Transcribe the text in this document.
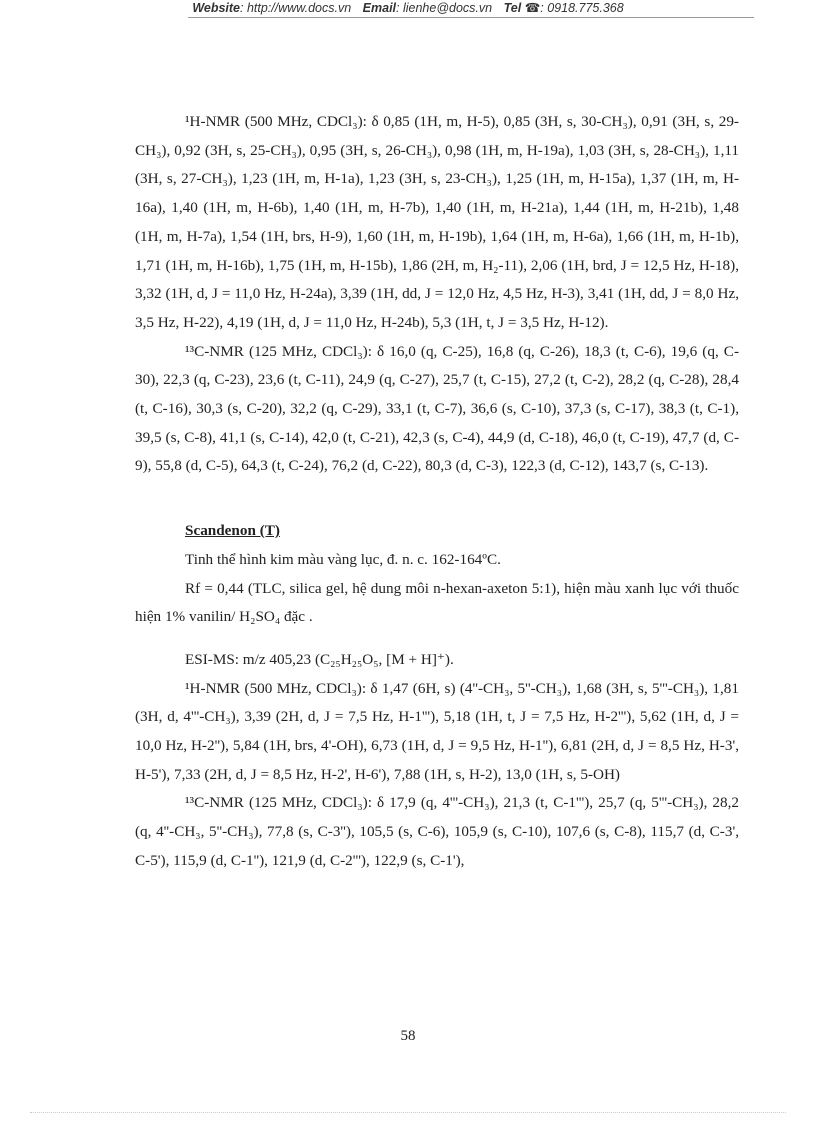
Website: http://www.docs.vn Email: lienhe@docs.vn Tel ☎: 0918.775.368

¹H-NMR (500 MHz, CDCl₃): δ 0,85 (1H, m, H-5), 0,85 (3H, s, 30-CH₃), 0,91 (3H, s, 29-CH₃), 0,92 (3H, s, 25-CH₃), 0,95 (3H, s, 26-CH₃), 0,98 (1H, m, H-19a), 1,03 (3H, s, 28-CH₃), 1,11 (3H, s, 27-CH₃), 1,23 (1H, m, H-1a), 1,23 (3H, s, 23-CH₃), 1,25 (1H, m, H-15a), 1,37 (1H, m, H-16a), 1,40 (1H, m, H-6b), 1,40 (1H, m, H-7b), 1,40 (1H, m, H-21a), 1,44 (1H, m, H-21b), 1,48 (1H, m, H-7a), 1,54 (1H, brs, H-9), 1,60 (1H, m, H-19b), 1,64 (1H, m, H-6a), 1,66 (1H, m, H-1b), 1,71 (1H, m, H-16b), 1,75 (1H, m, H-15b), 1,86 (2H, m, H₂-11), 2,06 (1H, brd, J = 12,5 Hz, H-18), 3,32 (1H, d, J = 11,0 Hz, H-24a), 3,39 (1H, dd, J = 12,0 Hz, 4,5 Hz, H-3), 3,41 (1H, dd, J = 8,0 Hz, 3,5 Hz, H-22), 4,19 (1H, d, J = 11,0 Hz, H-24b), 5,3 (1H, t, J = 3,5 Hz, H-12).

¹³C-NMR (125 MHz, CDCl₃): δ 16,0 (q, C-25), 16,8 (q, C-26), 18,3 (t, C-6), 19,6 (q, C-30), 22,3 (q, C-23), 23,6 (t, C-11), 24,9 (q, C-27), 25,7 (t, C-15), 27,2 (t, C-2), 28,2 (q, C-28), 28,4 (t, C-16), 30,3 (s, C-20), 32,2 (q, C-29), 33,1 (t, C-7), 36,6 (s, C-10), 37,3 (s, C-17), 38,3 (t, C-1), 39,5 (s, C-8), 41,1 (s, C-14), 42,0 (t, C-21), 42,3 (s, C-4), 44,9 (d, C-18), 46,0 (t, C-19), 47,7 (d, C-9), 55,8 (d, C-5), 64,3 (t, C-24), 76,2 (d, C-22), 80,3 (d, C-3), 122,3 (d, C-12), 143,7 (s, C-13).

Scandenon (T)

Tinh thể hình kim màu vàng lục, đ. n. c. 162-164ºC.

Rf = 0,44 (TLC, silica gel, hệ dung môi n-hexan-axeton 5:1), hiện màu xanh lục với thuốc hiện 1% vanilin/ H₂SO₄ đặc .

ESI-MS: m/z 405,23 (C₂₅H₂₅O₅, [M + H]⁺).

¹H-NMR (500 MHz, CDCl₃): δ 1,47 (6H, s) (4''-CH₃, 5''-CH₃), 1,68 (3H, s, 5'''-CH₃), 1,81 (3H, d, 4'''-CH₃), 3,39 (2H, d, J = 7,5 Hz, H-1'''), 5,18 (1H, t, J = 7,5 Hz, H-2'''), 5,62 (1H, d, J = 10,0 Hz, H-2''), 5,84 (1H, brs, 4'-OH), 6,73 (1H, d, J = 9,5 Hz, H-1''), 6,81 (2H, d, J = 8,5 Hz, H-3', H-5'), 7,33 (2H, d, J = 8,5 Hz, H-2', H-6'), 7,88 (1H, s, H-2), 13,0 (1H, s, 5-OH)

¹³C-NMR (125 MHz, CDCl₃): δ 17,9 (q, 4'''-CH₃), 21,3 (t, C-1'''), 25,7 (q, 5'''-CH₃), 28,2 (q, 4''-CH₃, 5''-CH₃), 77,8 (s, C-3''), 105,5 (s, C-6), 105,9 (s, C-10), 107,6 (s, C-8), 115,7 (d, C-3', C-5'), 115,9 (d, C-1''), 121,9 (d, C-2'''), 122,9 (s, C-1'),

58
